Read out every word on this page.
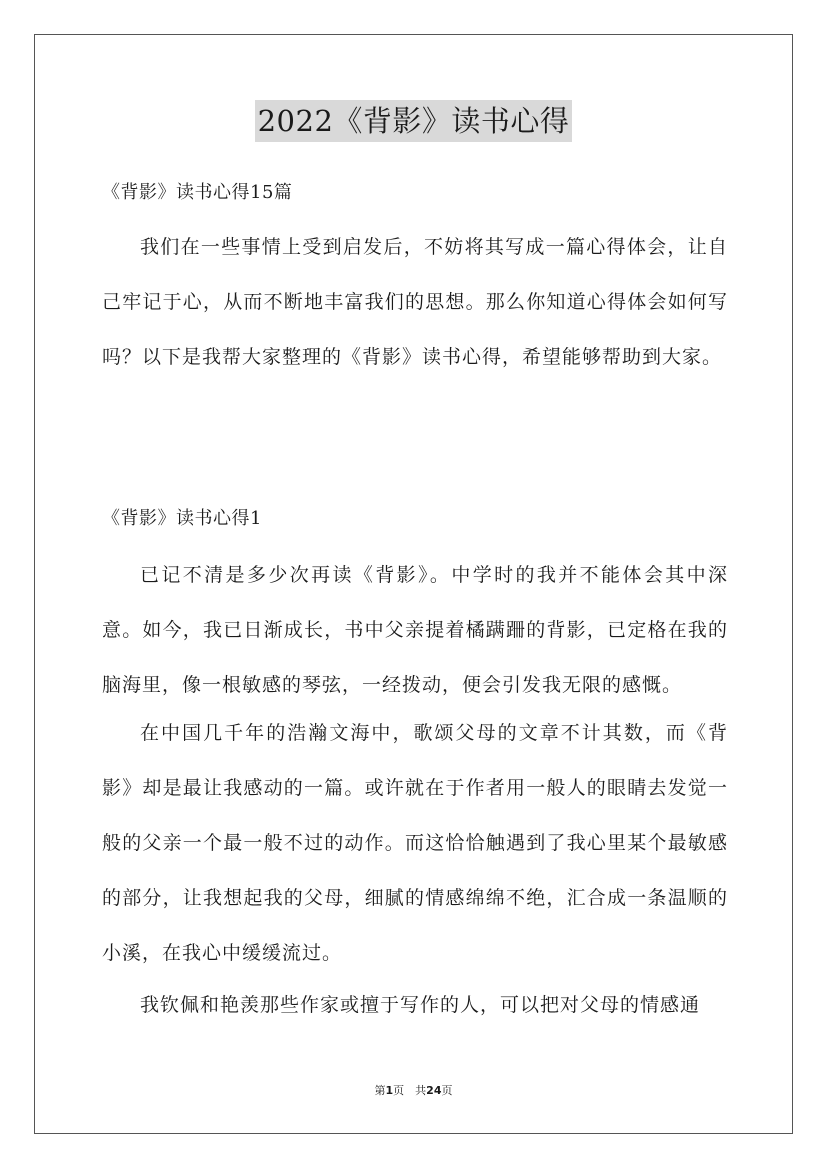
2022《背影》读书心得
《背影》读书心得15篇
我们在一些事情上受到启发后，不妨将其写成一篇心得体会，让自己牢记于心，从而不断地丰富我们的思想。那么你知道心得体会如何写吗？以下是我帮大家整理的《背影》读书心得，希望能够帮助到大家。
《背影》读书心得1
已记不清是多少次再读《背影》。中学时的我并不能体会其中深意。如今，我已日渐成长，书中父亲提着橘蹒跚的背影，已定格在我的脑海里，像一根敏感的琴弦，一经拨动，便会引发我无限的感慨。
在中国几千年的浩瀚文海中，歌颂父母的文章不计其数，而《背影》却是最让我感动的一篇。或许就在于作者用一般人的眼睛去发觉一般的父亲一个最一般不过的动作。而这恰恰触遇到了我心里某个最敏感的部分，让我想起我的父母，细腻的情感绵绵不绝，汇合成一条温顺的小溪，在我心中缓缓流过。
我钦佩和艳羡那些作家或擅于写作的人，可以把对父母的情感通
第1页　共24页
